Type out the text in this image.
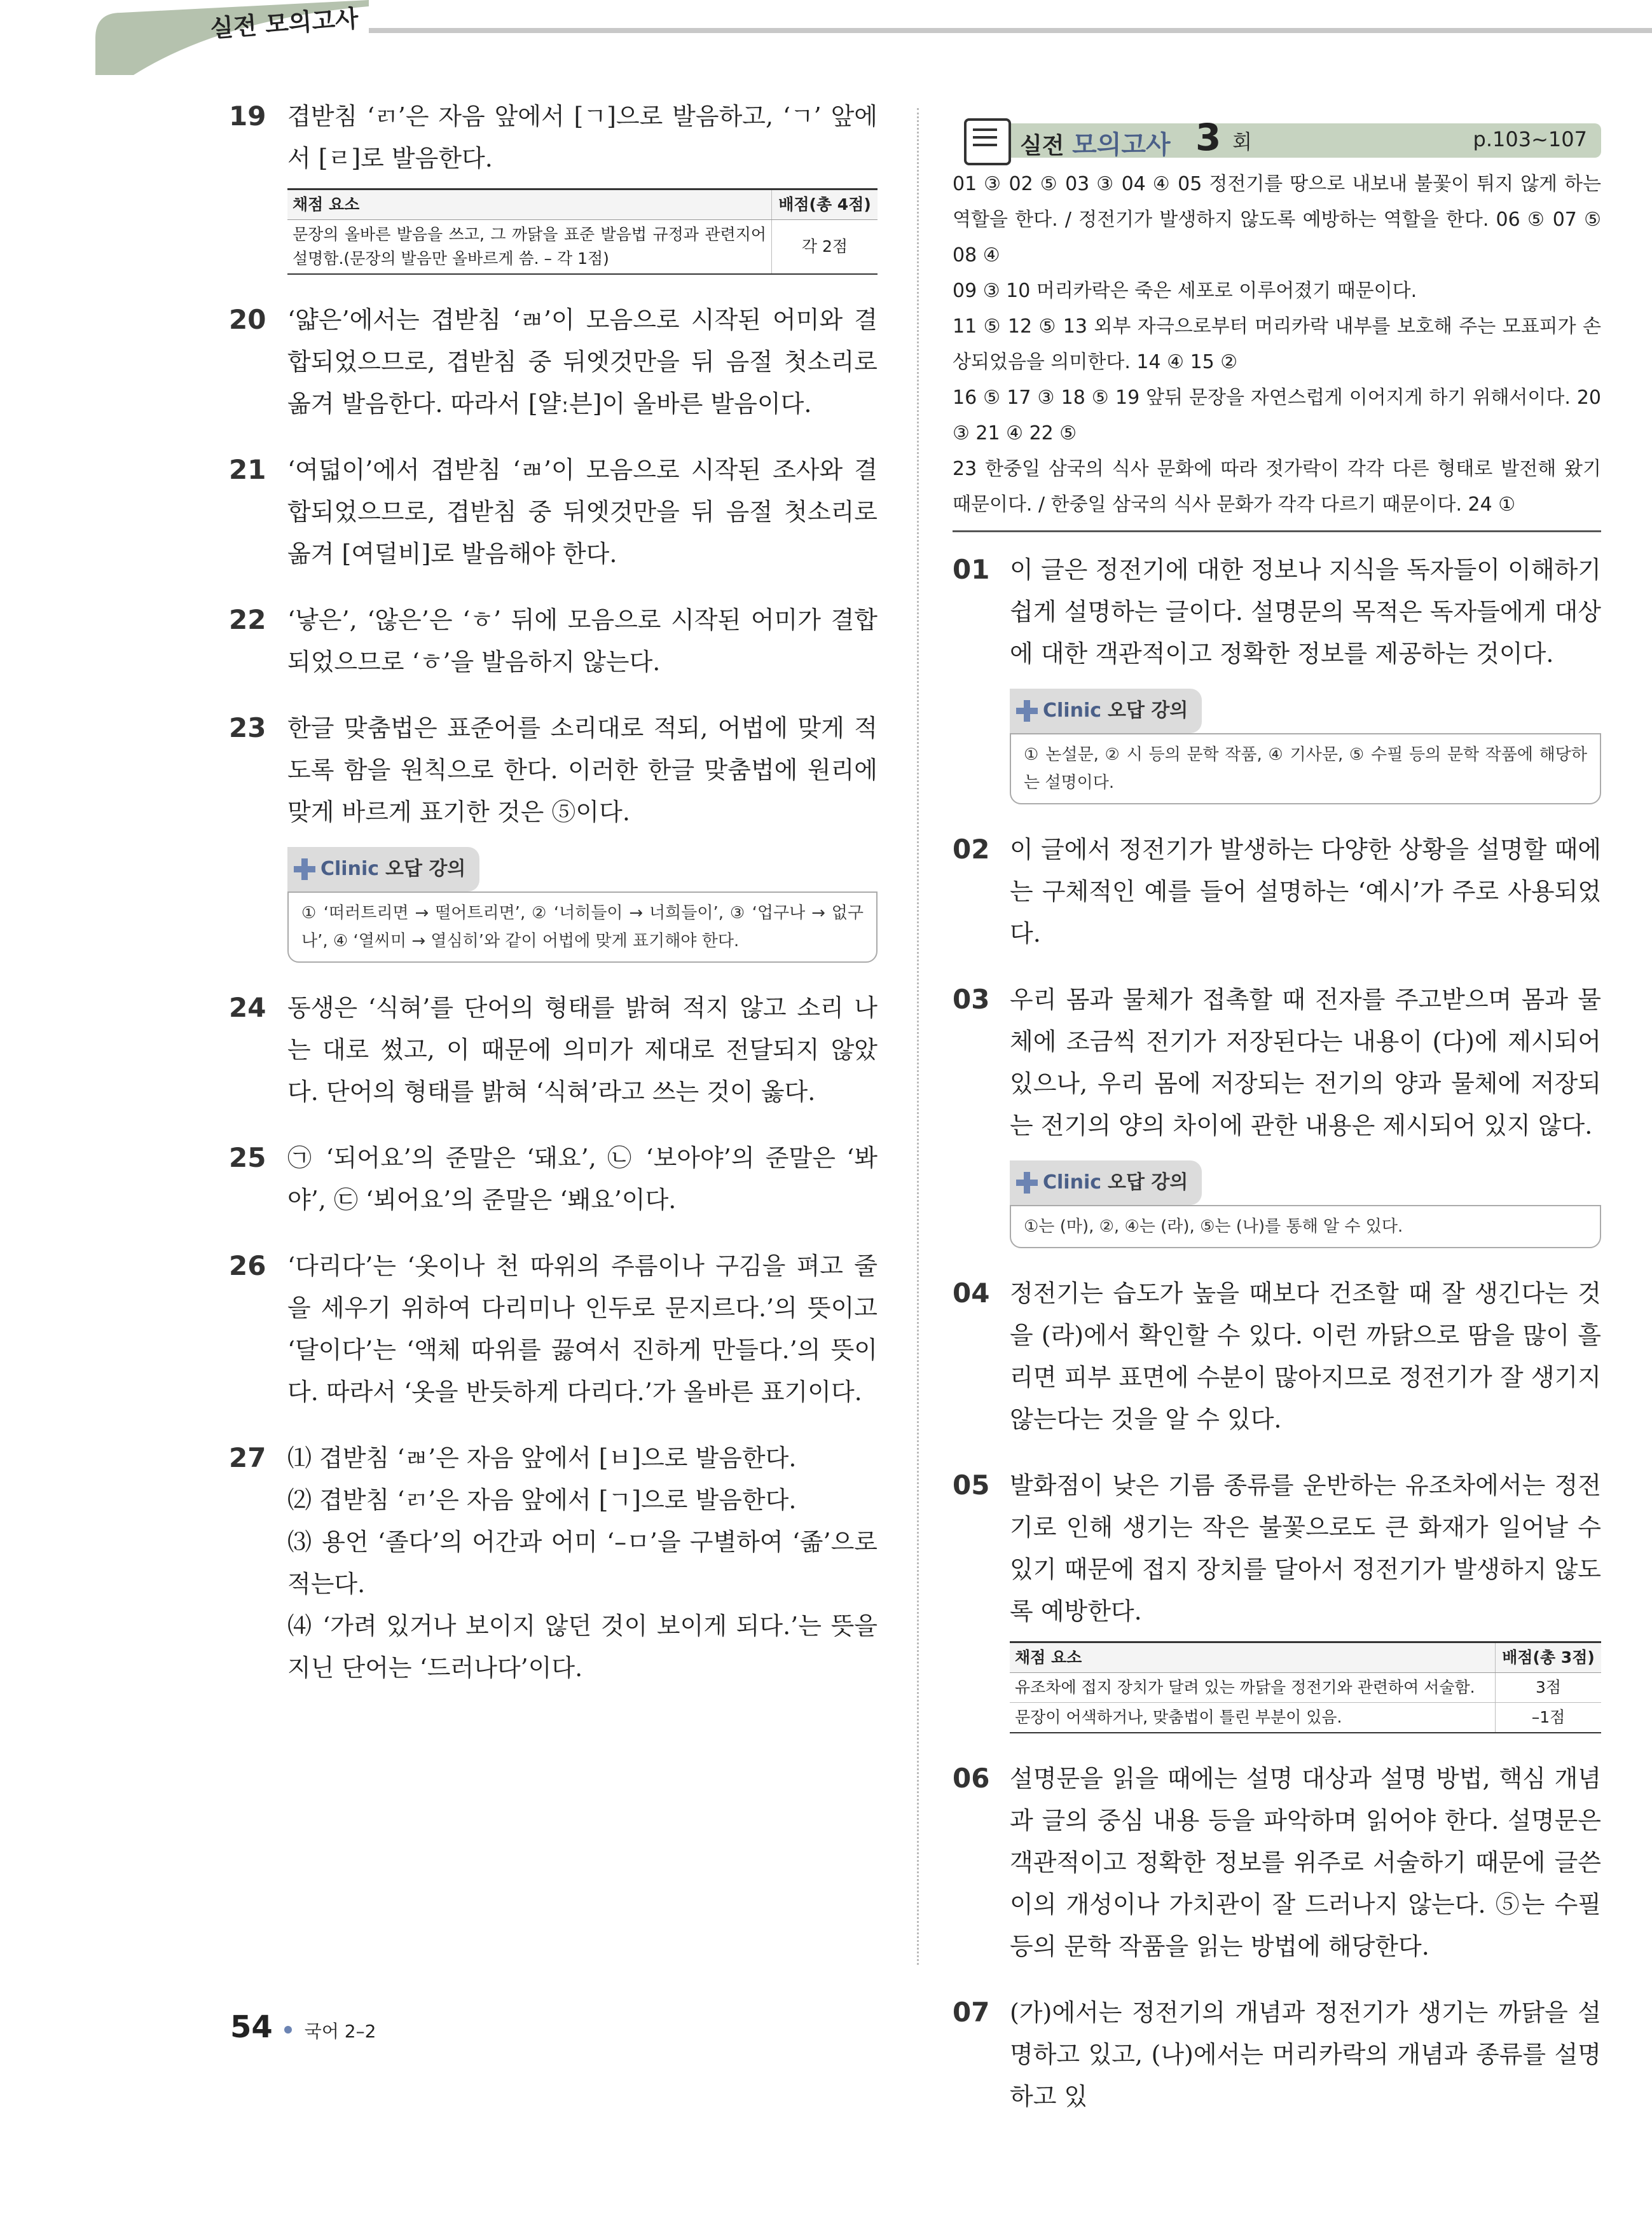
실전 모의고사
19 겹받침 ‘ㄺ’은 자음 앞에서 [ㄱ]으로 발음하고, ‘ㄱ’ 앞에서 [ㄹ]로 발음한다.
채점 요소	배점(총 4점)
문장의 올바른 발음을 쓰고, 그 까닭을 표준 발음법 규정과 관련지어 설명함.(문장의 발음만 올바르게 씀. – 각 1점)	각 2점
20 ‘얇은’에서는 겹받침 ‘ㄼ’이 모음으로 시작된 어미와 결합되었으므로, 겹받침 중 뒤엣것만을 뒤 음절 첫소리로 옮겨 발음한다. 따라서 [얄ː븐]이 올바른 발음이다.
21 ‘여덟이’에서 겹받침 ‘ㄼ’이 모음으로 시작된 조사와 결합되었으므로, 겹받침 중 뒤엣것만을 뒤 음절 첫소리로 옮겨 [여덜비]로 발음해야 한다.
22 ‘낳은’, ‘않은’은 ‘ㅎ’ 뒤에 모음으로 시작된 어미가 결합되었으므로 ‘ㅎ’을 발음하지 않는다.
23 한글 맞춤법은 표준어를 소리대로 적되, 어법에 맞게 적도록 함을 원칙으로 한다. 이러한 한글 맞춤법에 원리에 맞게 바르게 표기한 것은 ⑤이다.
Clinic 오답 강의
① ‘떠러트리면 → 떨어트리면’, ② ‘너히들이 → 너희들이’, ③ ‘업구나 → 없구나’, ④ ‘열씨미 → 열심히’와 같이 어법에 맞게 표기해야 한다.
24 동생은 ‘식혀’를 단어의 형태를 밝혀 적지 않고 소리 나는 대로 썼고, 이 때문에 의미가 제대로 전달되지 않았다. 단어의 형태를 밝혀 ‘식혀’라고 쓰는 것이 옳다.
25 ㉠ ‘되어요’의 준말은 ‘돼요’, ㉡ ‘보아야’의 준말은 ‘봐야’, ㉢ ‘뵈어요’의 준말은 ‘봬요’이다.
26 ‘다리다’는 ‘옷이나 천 따위의 주름이나 구김을 펴고 줄을 세우기 위하여 다리미나 인두로 문지르다.’의 뜻이고 ‘달이다’는 ‘액체 따위를 끓여서 진하게 만들다.’의 뜻이다. 따라서 ‘옷을 반듯하게 다리다.’가 올바른 표기이다.
27 ⑴ 겹받침 ‘ㄼ’은 자음 앞에서 [ㅂ]으로 발음한다.
⑵ 겹받침 ‘ㄺ’은 자음 앞에서 [ㄱ]으로 발음한다.
⑶ 용언 ‘졸다’의 어간과 어미 ‘–ㅁ’을 구별하여 ‘졺’으로 적는다.
⑷ ‘가려 있거나 보이지 않던 것이 보이게 되다.’는 뜻을 지닌 단어는 ‘드러나다’이다.
실전 모의고사 3 회	p.103~107
01 ③ 02 ⑤ 03 ③ 04 ④ 05 정전기를 땅으로 내보내 불꽃이 튀지 않게 하는 역할을 한다. / 정전기가 발생하지 않도록 예방하는 역할을 한다. 06 ⑤ 07 ⑤ 08 ④
09 ③ 10 머리카락은 죽은 세포로 이루어졌기 때문이다.
11 ⑤ 12 ⑤ 13 외부 자극으로부터 머리카락 내부를 보호해 주는 모표피가 손상되었음을 의미한다. 14 ④ 15 ②
16 ⑤ 17 ③ 18 ⑤ 19 앞뒤 문장을 자연스럽게 이어지게 하기 위해서이다. 20 ③ 21 ④ 22 ⑤
23 한중일 삼국의 식사 문화에 따라 젓가락이 각각 다른 형태로 발전해 왔기 때문이다. / 한중일 삼국의 식사 문화가 각각 다르기 때문이다. 24 ①
01 이 글은 정전기에 대한 정보나 지식을 독자들이 이해하기 쉽게 설명하는 글이다. 설명문의 목적은 독자들에게 대상에 대한 객관적이고 정확한 정보를 제공하는 것이다.
Clinic 오답 강의
① 논설문, ② 시 등의 문학 작품, ④ 기사문, ⑤ 수필 등의 문학 작품에 해당하는 설명이다.
02 이 글에서 정전기가 발생하는 다양한 상황을 설명할 때에는 구체적인 예를 들어 설명하는 ‘예시’가 주로 사용되었다.
03 우리 몸과 물체가 접촉할 때 전자를 주고받으며 몸과 물체에 조금씩 전기가 저장된다는 내용이 (다)에 제시되어 있으나, 우리 몸에 저장되는 전기의 양과 물체에 저장되는 전기의 양의 차이에 관한 내용은 제시되어 있지 않다.
Clinic 오답 강의
①는 (마), ②, ④는 (라), ⑤는 (나)를 통해 알 수 있다.
04 정전기는 습도가 높을 때보다 건조할 때 잘 생긴다는 것을 (라)에서 확인할 수 있다. 이런 까닭으로 땀을 많이 흘리면 피부 표면에 수분이 많아지므로 정전기가 잘 생기지 않는다는 것을 알 수 있다.
05 발화점이 낮은 기름 종류를 운반하는 유조차에서는 정전기로 인해 생기는 작은 불꽃으로도 큰 화재가 일어날 수 있기 때문에 접지 장치를 달아서 정전기가 발생하지 않도록 예방한다.
채점 요소	배점(총 3점)
유조차에 접지 장치가 달려 있는 까닭을 정전기와 관련하여 서술함.	3점
문장이 어색하거나, 맞춤법이 틀린 부분이 있음.	–1점
06 설명문을 읽을 때에는 설명 대상과 설명 방법, 핵심 개념과 글의 중심 내용 등을 파악하며 읽어야 한다. 설명문은 객관적이고 정확한 정보를 위주로 서술하기 때문에 글쓴이의 개성이나 가치관이 잘 드러나지 않는다. ⑤는 수필 등의 문학 작품을 읽는 방법에 해당한다.
07 (가)에서는 정전기의 개념과 정전기가 생기는 까닭을 설명하고 있고, (나)에서는 머리카락의 개념과 종류를 설명하고 있
54 국어 2–2
